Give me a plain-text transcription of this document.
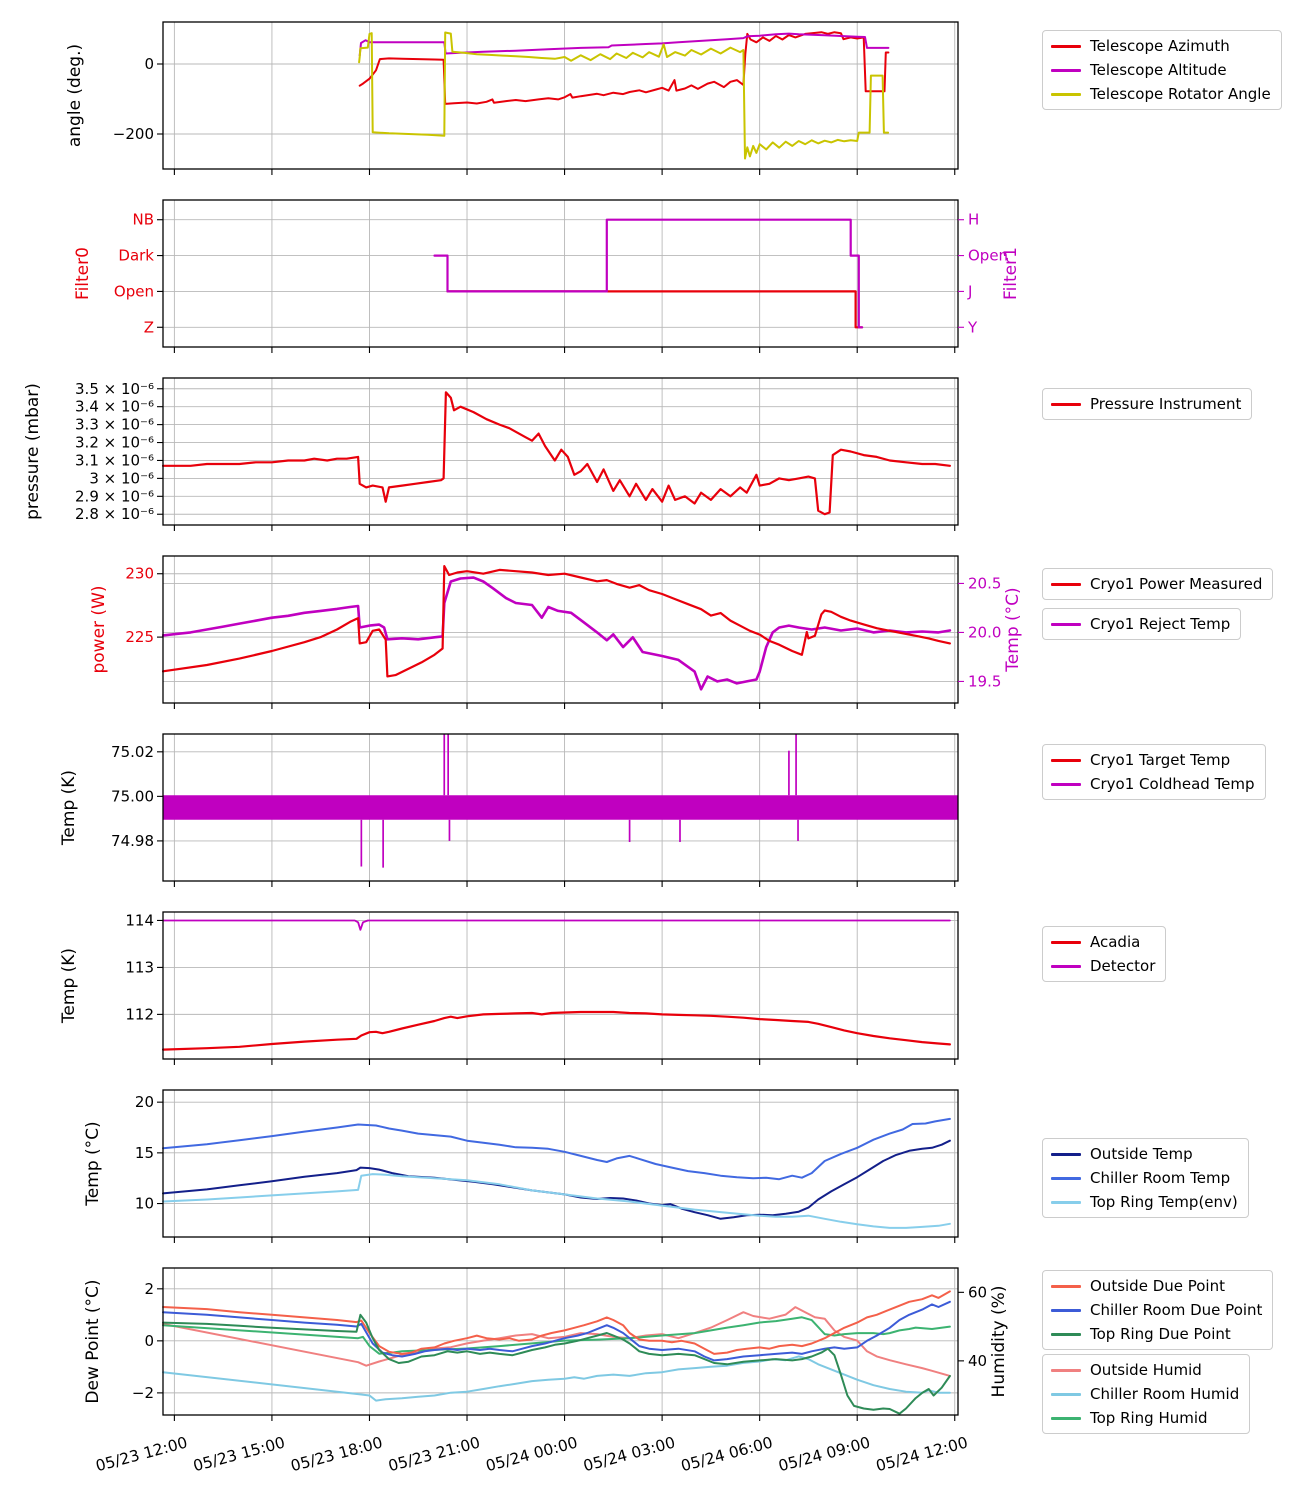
0
−200
angle (deg.)
NB
Dark
Open
Z
H
Open
J
Y
Filter0	Filter1
3.5 × 10⁻⁶
3.4 × 10⁻⁶
3.3 × 10⁻⁶
3.2 × 10⁻⁶
3.1 × 10⁻⁶
3 × 10⁻⁶
2.9 × 10⁻⁶
2.8 × 10⁻⁶
pressure (mbar)
230
225
20.5
20.0
19.5
power (W)	Temp (°C)
75.02
75.00
74.98
Temp (K)
114
113
112
Temp (K)
20
15
10
Temp (°C)
2
0
−2
60
40
05/23 12:00 05/23 15:00 05/23 18:00 05/23 21:00 05/24 00:00 05/24 03:00 05/24 06:00 05/24 09:00 05/24 12:00
Dew Point (°C)	Humidity (%)
Telescope Azimuth
Telescope Altitude
Telescope Rotator Angle
Pressure Instrument
Cryo1 Power Measured
Cryo1 Reject Temp
Cryo1 Target Temp
Cryo1 Coldhead Temp
Acadia
Detector
Outside Temp
Chiller Room Temp
Top Ring Temp(env)
Outside Due Point
Chiller Room Due Point
Top Ring Due Point
Outside Humid
Chiller Room Humid
Top Ring Humid
